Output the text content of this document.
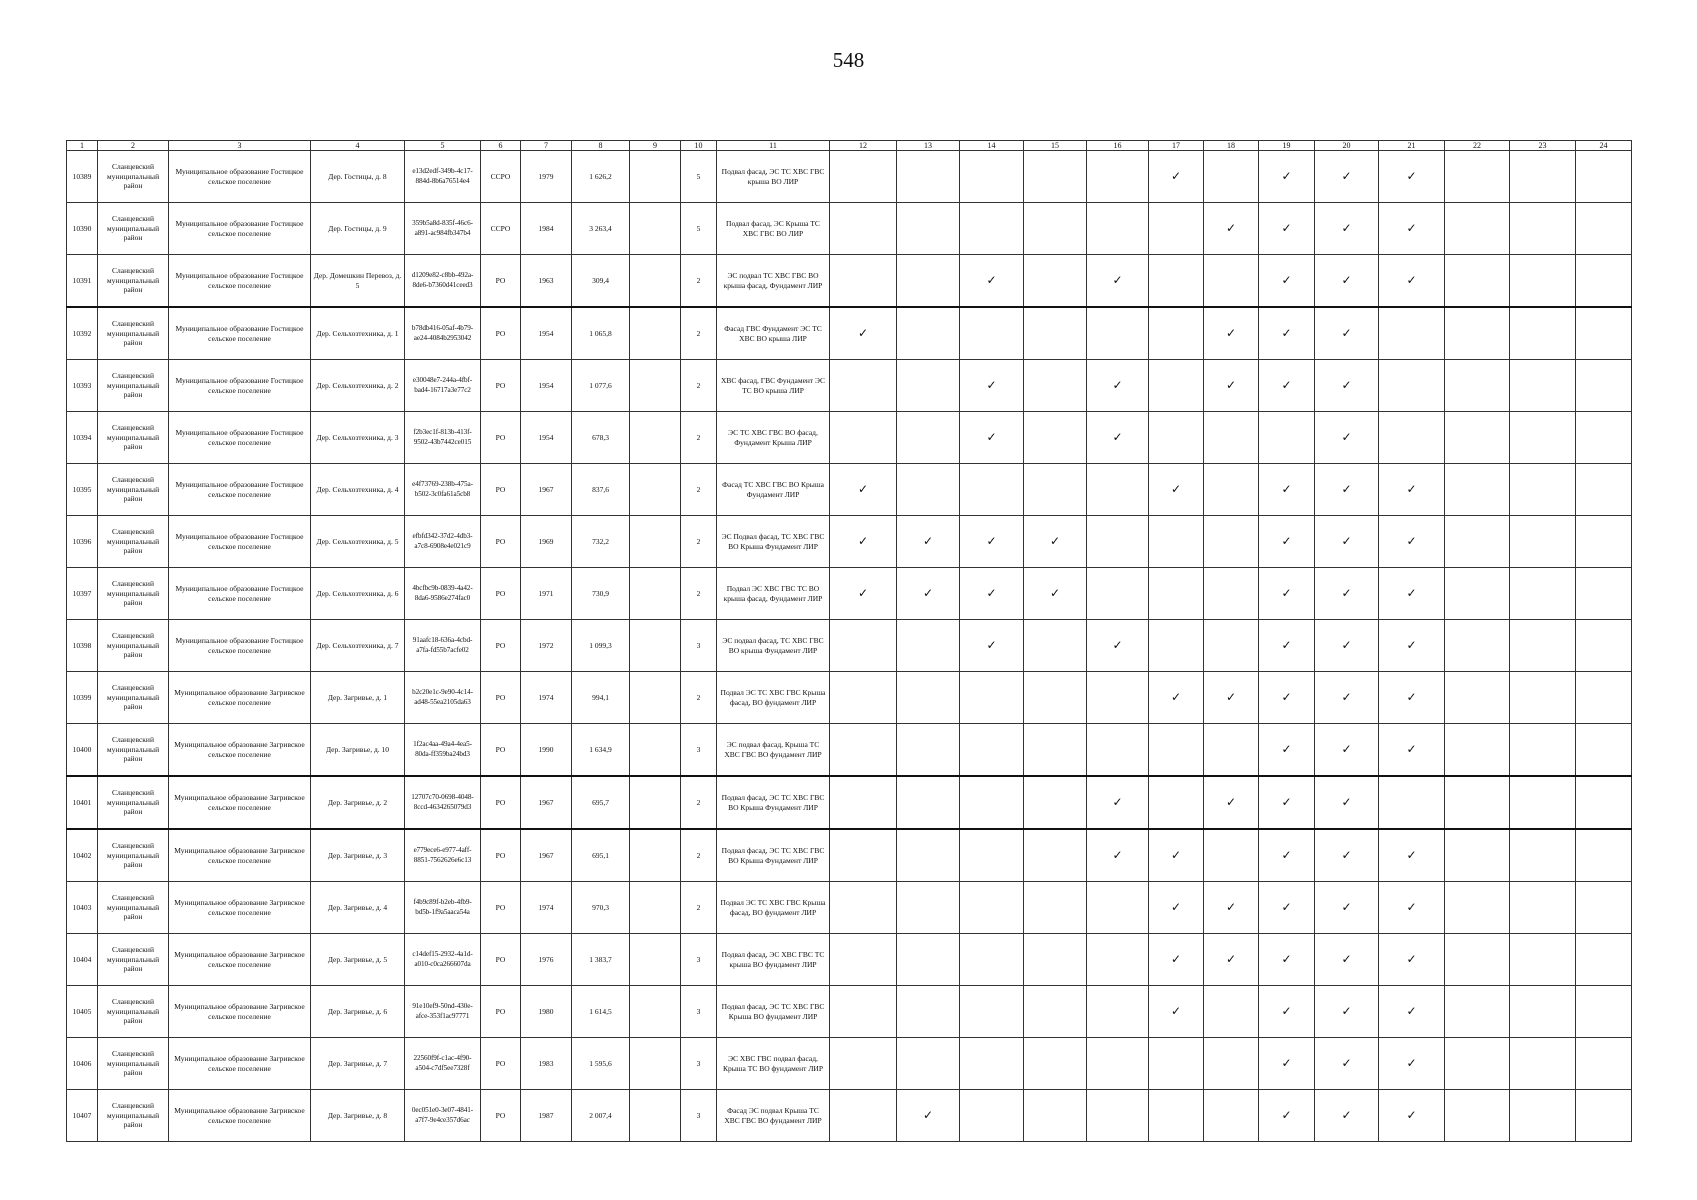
548
1	2	3	4	5	6	7	8	9	10	11	12	13	14	15	16	17	18	19	20	21	22	23	24
10389	Сланцевский муниципальный район	Муниципальное образование Гостицкое сельское поселение	Дер. Гостицы, д. 8	e13d2edf-349b-4c17-884d-8b6a76514e4	ССРО	1979	1 626,2		5	Подвал фасад, ЭС ТС ХВС ГВС крыша ВО ЛИР						✓		✓	✓	✓			
10390	Сланцевский муниципальный район	Муниципальное образование Гостицкое сельское поселение	Дер. Гостицы, д. 9	359b5a8d-835f-46c6-a891-ac984fb347b4	ССРО	1984	3 263,4		5	Подвал фасад, ЭС Крыша ТС ХВС ГВС ВО ЛИР							✓	✓	✓	✓			
10391	Сланцевский муниципальный район	Муниципальное образование Гостицкое сельское поселение	Дер. Домешкин Перевоз, д. 5	d1209e82-c8bb-492a-8de6-b7360d41ceed3	РО	1963	309,4		2	ЭС подвал ТС ХВС ГВС ВО крыша фасад, Фундамент ЛИР			✓		✓			✓	✓	✓			
10392	Сланцевский муниципальный район	Муниципальное образование Гостицкое сельское поселение	Дер. Сельхозтехника, д. 1	b78db416-05af-4b79-ae24-4084b2953042	РО	1954	1 065,8		2	Фасад ГВС Фундамент ЭС ТС ХВС ВО крыша ЛИР	✓						✓	✓	✓				
10393	Сланцевский муниципальный район	Муниципальное образование Гостицкое сельское поселение	Дер. Сельхозтехника, д. 2	e30048e7-244a-4fbf-bad4-16717a3e77c2	РО	1954	1 077,6		2	ХВС фасад, ГВС Фундамент ЭС ТС ВО крыша ЛИР			✓		✓		✓	✓	✓				
10394	Сланцевский муниципальный район	Муниципальное образование Гостицкое сельское поселение	Дер. Сельхозтехника, д. 3	f2b3ec1f-813b-413f-9502-43b7442ce015	РО	1954	678,3		2	ЭС ТС ХВС ГВС ВО фасад, Фундамент Крыша ЛИР			✓		✓				✓				
10395	Сланцевский муниципальный район	Муниципальное образование Гостицкое сельское поселение	Дер. Сельхозтехника, д. 4	e4f73769-238b-475a-b502-3c0fa61a5cb8	РО	1967	837,6		2	Фасад ТС ХВС ГВС ВО Крыша Фундамент ЛИР	✓					✓		✓	✓	✓			
10396	Сланцевский муниципальный район	Муниципальное образование Гостицкое сельское поселение	Дер. Сельхозтехника, д. 5	efbfd342-37d2-4db3-a7c8-6908e4e021c9	РО	1969	732,2		2	ЭС Подвал фасад, ТС ХВС ГВС ВО Крыша Фундамент ЛИР	✓	✓	✓	✓				✓	✓	✓			
10397	Сланцевский муниципальный район	Муниципальное образование Гостицкое сельское поселение	Дер. Сельхозтехника, д. 6	4bcfbc9b-0839-4a42-8da6-9586e274fac0	РО	1971	730,9		2	Подвал ЭС ХВС ГВС ТС ВО крыша фасад, Фундамент ЛИР	✓	✓	✓	✓				✓	✓	✓			
10398	Сланцевский муниципальный район	Муниципальное образование Гостицкое сельское поселение	Дер. Сельхозтехника, д. 7	91aafc18-636a-4cbd-a7fa-fd55b7acfe02	РО	1972	1 099,3		3	ЭС подвал фасад, ТС ХВС ГВС ВО крыша Фундамент ЛИР			✓		✓			✓	✓	✓			
10399	Сланцевский муниципальный район	Муниципальное образование Загривское сельское поселение	Дер. Загривье, д. 1	b2c20e1c-9e90-4c14-ad48-55ea2105da63	РО	1974	994,1		2	Подвал ЭС ТС ХВС ГВС Крыша фасад, ВО фундамент ЛИР						✓	✓	✓	✓	✓			
10400	Сланцевский муниципальный район	Муниципальное образование Загривское сельское поселение	Дер. Загривье, д. 10	1f2ac4aa-49a4-4ea5-80da-ff359ba24bd3	РО	1990	1 634,9		3	ЭС подвал фасад, Крыша ТС ХВС ГВС ВО фундамент ЛИР								✓	✓	✓			
10401	Сланцевский муниципальный район	Муниципальное образование Загривское сельское поселение	Дер. Загривье, д. 2	12707c70-0698-4048-8ccd-4634265079d3	РО	1967	695,7		2	Подвал фасад, ЭС ТС ХВС ГВС ВО Крыша Фундамент ЛИР					✓		✓	✓	✓				
10402	Сланцевский муниципальный район	Муниципальное образование Загривское сельское поселение	Дер. Загривье, д. 3	e779ece6-e977-4aff-8851-7562626e6c13	РО	1967	695,1		2	Подвал фасад, ЭС ТС ХВС ГВС ВО Крыша Фундамент ЛИР					✓	✓		✓	✓	✓			
10403	Сланцевский муниципальный район	Муниципальное образование Загривское сельское поселение	Дер. Загривье, д. 4	f4b9c89f-b2eb-4fb9-bd5b-1f9a5aaca54a	РО	1974	970,3		2	Подвал ЭС ТС ХВС ГВС Крыша фасад, ВО фундамент ЛИР						✓	✓	✓	✓	✓			
10404	Сланцевский муниципальный район	Муниципальное образование Загривское сельское поселение	Дер. Загривье, д. 5	c14def15-2932-4a1d-a010-c0ca266607da	РО	1976	1 383,7		3	Подвал фасад, ЭС ХВС ГВС ТС крыша ВО фундамент ЛИР						✓	✓	✓	✓	✓			
10405	Сланцевский муниципальный район	Муниципальное образование Загривское сельское поселение	Дер. Загривье, д. 6	91e10ef9-50nd-430e-afce-353f1ac97771	РО	1980	1 614,5		3	Подвал фасад, ЭС ТС ХВС ГВС Крыша ВО фундамент ЛИР						✓		✓	✓	✓			
10406	Сланцевский муниципальный район	Муниципальное образование Загривское сельское поселение	Дер. Загривье, д. 7	22560f9f-c1ac-4f90-a504-c7df5ee7328f	РО	1983	1 595,6		3	ЭС ХВС ГВС подвал фасад, Крыша ТС ВО фундамент ЛИР								✓	✓	✓			
10407	Сланцевский муниципальный район	Муниципальное образование Загривское сельское поселение	Дер. Загривье, д. 8	0ec051e0-3e07-4841-a7f7-9e4ce357d6ac	РО	1987	2 007,4		3	Фасад ЭС подвал Крыша ТС ХВС ГВС ВО фундамент ЛИР		✓						✓	✓	✓			
